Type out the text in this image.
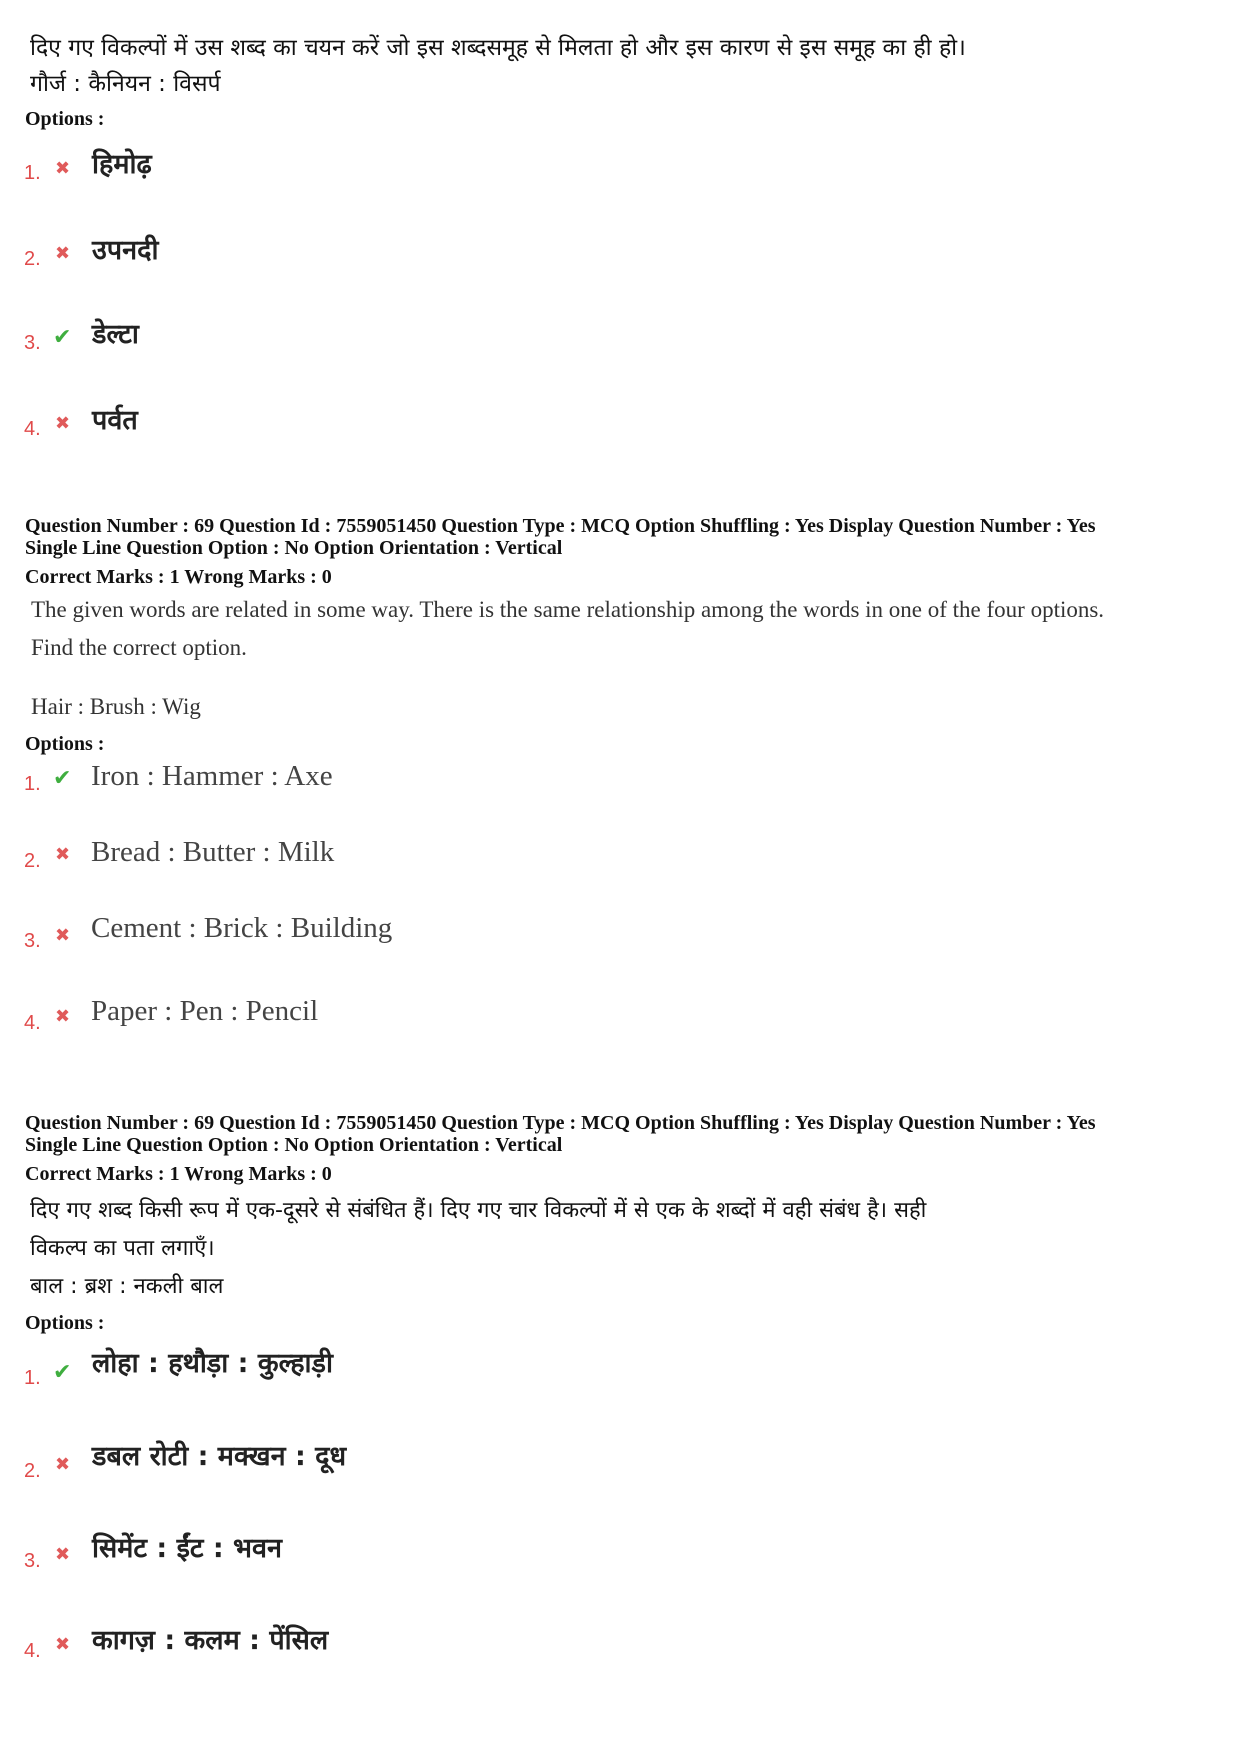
दिए गए विकल्पों में उस शब्द का चयन करें जो इस शब्दसमूह से मिलता हो और इस कारण से इस समूह का ही हो।
गौर्ज : कैनियन : विसर्प
Options :
1. ✖ हिमोढ़
2. ✖ उपनदी
3. ✔ डेल्टा
4. ✖ पर्वत
Question Number : 69 Question Id : 7559051450 Question Type : MCQ Option Shuffling : Yes Display Question Number : Yes
Single Line Question Option : No Option Orientation : Vertical
Correct Marks : 1 Wrong Marks : 0
The given words are related in some way. There is the same relationship among the words in one of the four options.
Find the correct option.
Hair : Brush : Wig
Options :
1. ✔ Iron : Hammer : Axe
2. ✖ Bread : Butter : Milk
3. ✖ Cement : Brick : Building
4. ✖ Paper : Pen : Pencil
Question Number : 69 Question Id : 7559051450 Question Type : MCQ Option Shuffling : Yes Display Question Number : Yes
Single Line Question Option : No Option Orientation : Vertical
Correct Marks : 1 Wrong Marks : 0
दिए गए शब्द किसी रूप में एक-दूसरे से संबंधित हैं। दिए गए चार विकल्पों में से एक के शब्दों में वही संबंध है। सही
विकल्प का पता लगाएँ।
बाल : ब्रश : नकली बाल
Options :
1. ✔ लोहा : हथौड़ा : कुल्हाड़ी
2. ✖ डबल रोटी : मक्खन : दूध
3. ✖ सिमेंट : ईंट : भवन
4. ✖ कागज़ : कलम : पेंसिल
